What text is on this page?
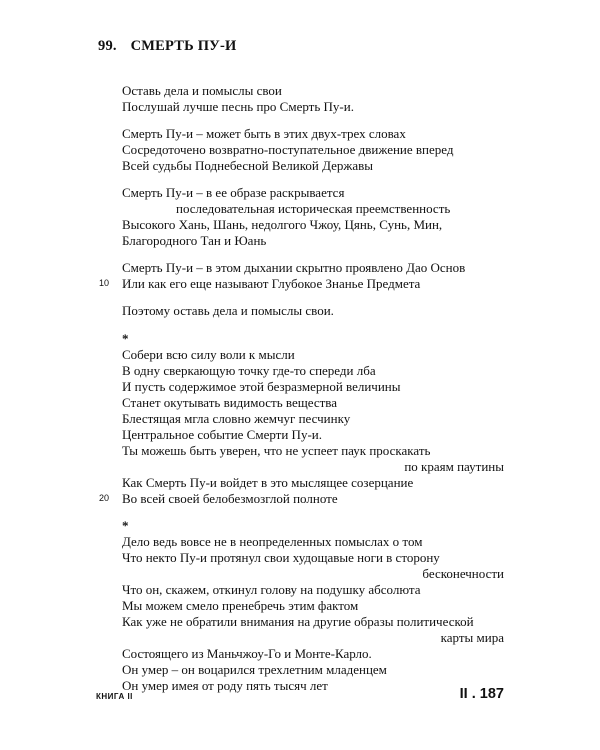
99. СМЕРТЬ ПУ-И
Оставь дела и помыслы свои
Послушай лучше песнь про Смерть Пу-и.
Смерть Пу-и – может быть в этих двух-трех словах
Сосредоточено возвратно-поступательное движение вперед
Всей судьбы Поднебесной Великой Державы
Смерть Пу-и – в ее образе раскрывается
последовательная историческая преемственность
Высокого Хань, Шань, недолгого Чжоу, Цянь, Сунь, Мин,
Благородного Тан и Юань
Смерть Пу-и – в этом дыхании скрытно проявлено Дао Основ
10 Или как его еще называют Глубокое Знанье Предмета
Поэтому оставь дела и помыслы свои.
*
Собери всю силу воли к мысли
В одну сверкающую точку где-то спереди лба
И пусть содержимое этой безразмерной величины
Станет окутывать видимость вещества
Блестящая мгла словно жемчуг песчинку
Центральное событие Смерти Пу-и.
Ты можешь быть уверен, что не успеет паук проскакать
по краям паутины
Как Смерть Пу-и войдет в это мыслящее созерцание
20 Во всей своей белобезмозглой полноте
*
Дело ведь вовсе не в неопределенных помыслах о том
Что некто Пу-и протянул свои худощавые ноги в сторону
бесконечности
Что он, скажем, откинул голову на подушку абсолюта
Мы можем смело пренебречь этим фактом
Как уже не обратили внимания на другие образы политической
карты мира
Состоящего из Маньчжоу-Го и Монте-Карло.
Он умер – он воцарился трехлетним младенцем
Он умер имея от роду пять тысяч лет
КНИГА II	II . 187
